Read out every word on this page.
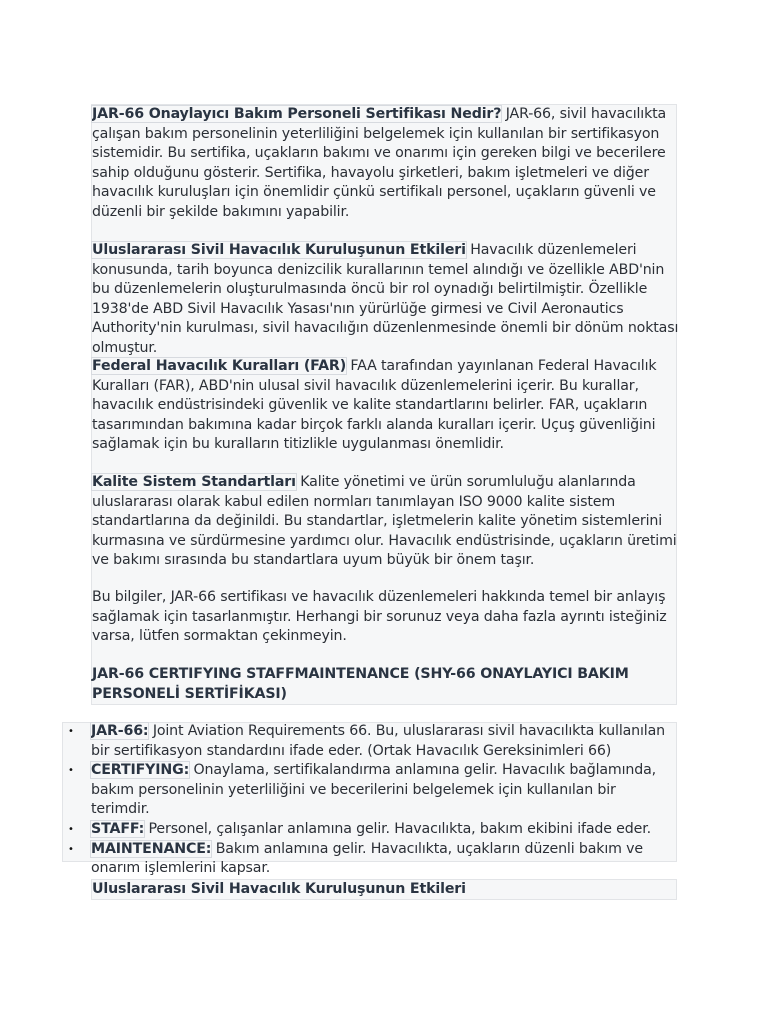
JAR-66 Onaylayıcı Bakım Personeli Sertifikası Nedir? JAR-66, sivil havacılıkta çalışan bakım personelinin yeterliliğini belgelemek için kullanılan bir sertifikasyon sistemidir. Bu sertifika, uçakların bakımı ve onarımı için gereken bilgi ve becerilere sahip olduğunu gösterir. Sertifika, havayolu şirketleri, bakım işletmeleri ve diğer havacılık kuruluşları için önemlidir çünkü sertifikalı personel, uçakların güvenli ve düzenli bir şekilde bakımını yapabilir.

Uluslararası Sivil Havacılık Kuruluşunun Etkileri Havacılık düzenlemeleri konusunda, tarih boyunca denizcilik kurallarının temel alındığı ve özellikle ABD'nin bu düzenlemelerin oluşturulmasında öncü bir rol oynadığı belirtilmiştir. Özellikle 1938'de ABD Sivil Havacılık Yasası'nın yürürlüğe girmesi ve Civil Aeronautics Authority'nin kurulması, sivil havacılığın düzenlenmesinde önemli bir dönüm noktası olmuştur.

Federal Havacılık Kuralları (FAR) FAA tarafından yayınlanan Federal Havacılık Kuralları (FAR), ABD'nin ulusal sivil havacılık düzenlemelerini içerir. Bu kurallar, havacılık endüstrisindeki güvenlik ve kalite standartlarını belirler. FAR, uçakların tasarımından bakımına kadar birçok farklı alanda kuralları içerir. Uçuş güvenliğini sağlamak için bu kuralların titizlikle uygulanması önemlidir.

Kalite Sistem Standartları Kalite yönetimi ve ürün sorumluluğu alanlarında uluslararası olarak kabul edilen normları tanımlayan ISO 9000 kalite sistem standartlarına da değinildi. Bu standartlar, işletmelerin kalite yönetim sistemlerini kurmasına ve sürdürmesine yardımcı olur. Havacılık endüstrisinde, uçakların üretimi ve bakımı sırasında bu standartlara uyum büyük bir önem taşır.

Bu bilgiler, JAR-66 sertifikası ve havacılık düzenlemeleri hakkında temel bir anlayış sağlamak için tasarlanmıştır. Herhangi bir sorunuz veya daha fazla ayrıntı isteğiniz varsa, lütfen sormaktan çekinmeyin.

JAR-66 CERTIFYING STAFFMAINTENANCE (SHY-66 ONAYLAYICI BAKIM PERSONELİ SERTİFİKASI)

• JAR-66: Joint Aviation Requirements 66. Bu, uluslararası sivil havacılıkta kullanılan bir sertifikasyon standardını ifade eder. (Ortak Havacılık Gereksinimleri 66)
• CERTIFYING: Onaylama, sertifikalandırma anlamına gelir. Havacılık bağlamında, bakım personelinin yeterliliğini ve becerilerini belgelemek için kullanılan bir terimdir.
• STAFF: Personel, çalışanlar anlamına gelir. Havacılıkta, bakım ekibini ifade eder.
• MAINTENANCE: Bakım anlamına gelir. Havacılıkta, uçakların düzenli bakım ve onarım işlemlerini kapsar.

Uluslararası Sivil Havacılık Kuruluşunun Etkileri
